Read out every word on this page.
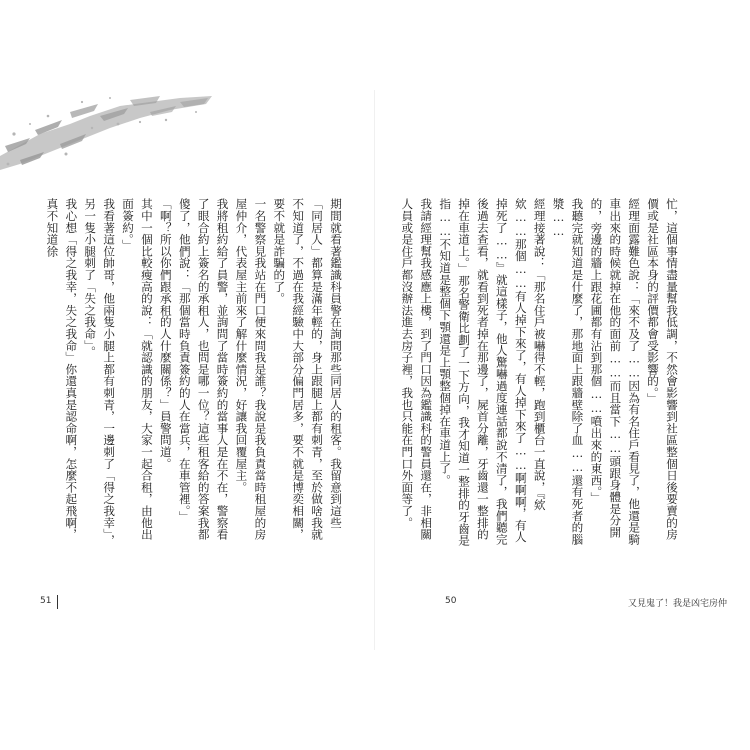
期間就看著鑑識科員警在詢問那些同居人的租客。我留意到這些「同居人」都算是滿年輕的，身上跟腿上都有刺青，至於做啥我就不知道了，不過在我經驗中大部分偏門居多，要不就是博奕相關，要不就是詐騙的了。

一名警察見我站在門口便來問我是誰？我說是我負責當時租屋的房屋仲介，代表屋主前來了解什麼情況，好讓我回覆屋主。

我將租約給了員警，並詢問了當時簽約的當事人是在不在，警察看了眼合約上簽名的承租人，也問是哪一位？這些租客給的答案我都傻了，他們說：「那個當時負責簽約的人在當兵，在車管裡。」

「啊？所以你們跟承租的人什麼關係？」員警問道。

其中一個比較瘦高的說：「就認識的朋友，大家一起合租，由他出面簽約。」

我看著這位帥哥，他兩隻小腿上都有刺青，一邊刺了「得之我幸」，另一隻小腿刺了「失之我命」。

我心想「得之我幸，失之我命」你還真是認命啊，怎麼不起飛啊，真不知道徐

51

忙，這個事情盡量幫我低調，不然會影響到社區整個日後要賣的房價或是社區本身的評價都會受影響的。」

經理面露難色說：「來不及了……因為有名住戶看見了，他還是騎車出來的時候就掉在他的面前……而且當下……頭跟身體是分開的，旁邊的牆上跟花圃都有沾到那個……噴出來的東西。」

我聽完就知道是什麼了，那地面上跟牆壁除了血……還有死者的腦漿……

經理接著說：「那名住戶被嚇得不輕，跑到櫃台一直說，『欸欸……那個……有人掉下來了，有人掉下來了……啊啊啊，有人掉死了……』就這樣子，他人驚嚇過度連話都說不清了，我們聽完後過去查看，就看到死者掉在那邊了，屍首分離，牙齒還一整排的掉在車道上。」那名警衛比劃了一下方向，我才知道一整排的牙齒是指……不知道是整個下顎還是上顎整個掉在車道上了。

我請經理幫我感應上樓，到了門口因為鑑識科的警員還在，非相關人員或是住戶都沒辦法進去房子裡，我也只能在門口外面等了。

50	又見鬼了！我是凶宅房仲
